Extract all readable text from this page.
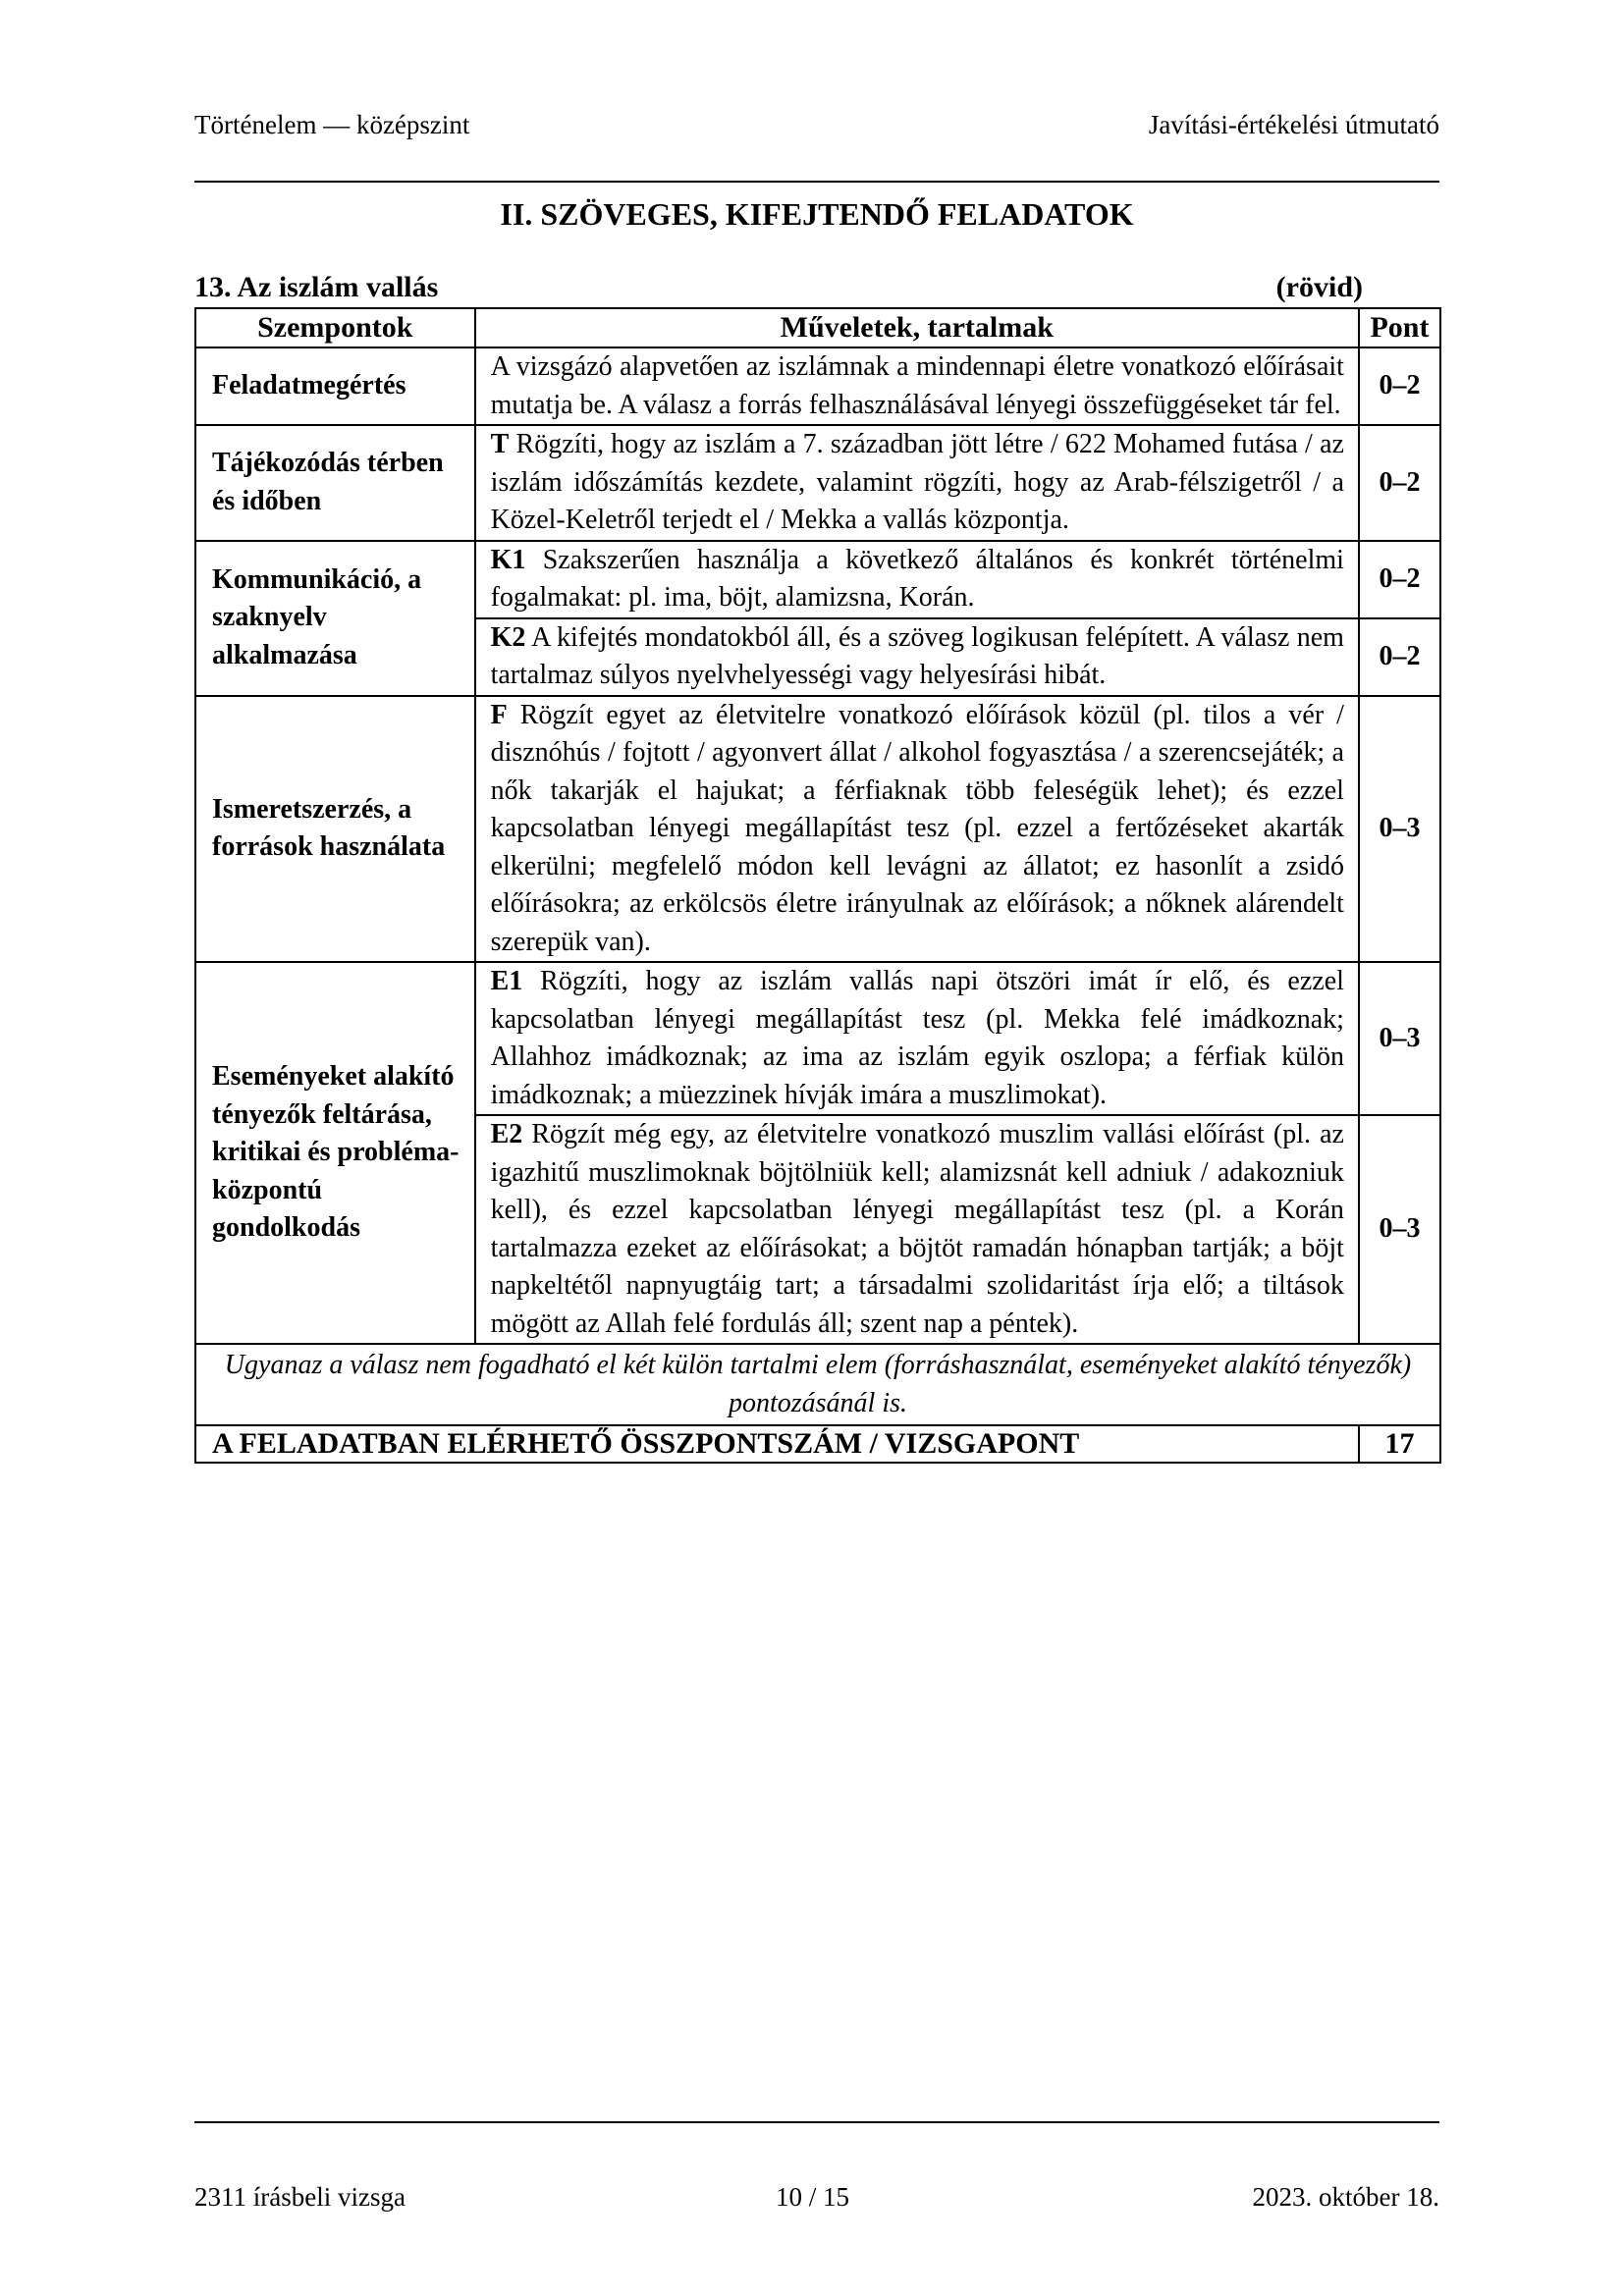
Történelem — középszint	Javítási-értékelési útmutató
II. SZÖVEGES, KIFEJTENDŐ FELADATOK
13. Az iszlám vallás	(rövid)
Szempontok	Műveletek, tartalmak	Pont
Feladatmegértés	A vizsgázó alapvetően az iszlámnak a mindennapi életre vonatkozó előírásait mutatja be. A válasz a forrás felhasználásával lényegi összefüggéseket tár fel.	0–2
Tájékozódás térben és időben	T Rögzíti, hogy az iszlám a 7. században jött létre / 622 Mohamed futása / az iszlám időszámítás kezdete, valamint rögzíti, hogy az Arab-félszigetről / a Közel-Keletről terjedt el / Mekka a vallás központja.	0–2
Kommunikáció, a szaknyelv alkalmazása	K1 Szakszerűen használja a következő általános és konkrét történelmi fogalmakat: pl. ima, böjt, alamizsna, Korán.	0–2
	K2 A kifejtés mondatokból áll, és a szöveg logikusan felépített. A válasz nem tartalmaz súlyos nyelvhelyességi vagy helyesírási hibát.	0–2
Ismeretszerzés, a források használata	F Rögzít egyet az életvitelre vonatkozó előírások közül (pl. tilos a vér / disznóhús / fojtott / agyonvert állat / alkohol fogyasztása / a szerencsejáték; a nők takarják el hajukat; a férfiaknak több feleségük lehet); és ezzel kapcsolatban lényegi megállapítást tesz (pl. ezzel a fertőzéseket akarták elkerülni; megfelelő módon kell levágni az állatot; ez hasonlít a zsidó előírásokra; az erkölcsös életre irányulnak az előírások; a nőknek alárendelt szerepük van).	0–3
Eseményeket alakító tényezők feltárása, kritikai és probléma-központú gondolkodás	E1 Rögzíti, hogy az iszlám vallás napi ötszöri imát ír elő, és ezzel kapcsolatban lényegi megállapítást tesz (pl. Mekka felé imádkoznak; Allahhoz imádkoznak; az ima az iszlám egyik oszlopa; a férfiak külön imádkoznak; a müezzinek hívják imára a muszlimokat).	0–3
	E2 Rögzít még egy, az életvitelre vonatkozó muszlim vallási előírást (pl. az igazhitű muszlimoknak böjtölniük kell; alamizsnát kell adniuk / adakozniuk kell), és ezzel kapcsolatban lényegi megállapítást tesz (pl. a Korán tartalmazza ezeket az előírásokat; a böjtöt ramadán hónapban tartják; a böjt napkeltétől napnyugtáig tart; a társadalmi szolidaritást írja elő; a tiltások mögött az Allah felé fordulás áll; szent nap a péntek).	0–3
Ugyanaz a válasz nem fogadható el két külön tartalmi elem (forráshasználat, eseményeket alakító tényezők) pontozásánál is.		
A FELADATBAN ELÉRHETŐ ÖSSZPONTSZÁM / VIZSGAPONT		17
2311 írásbeli vizsga	10 / 15	2023. október 18.
